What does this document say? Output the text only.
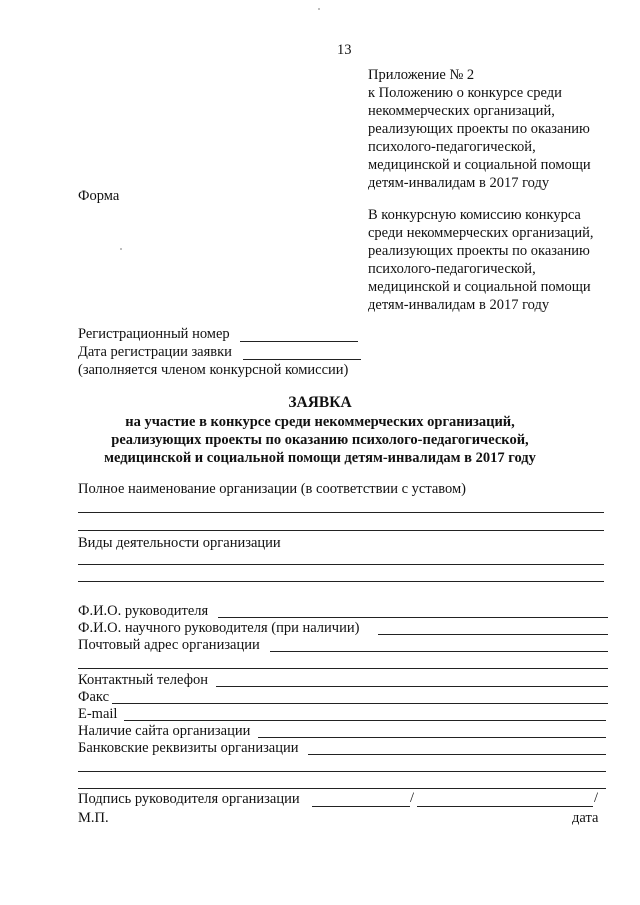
13
Приложение № 2
к Положению о конкурсе среди
некоммерческих организаций,
реализующих проекты по оказанию
психолого-педагогической,
медицинской и социальной помощи
детям-инвалидам в 2017 году
Форма
В конкурсную комиссию конкурса
среди некоммерческих организаций,
реализующих проекты по оказанию
психолого-педагогической,
медицинской и социальной помощи
детям-инвалидам в 2017 году
Регистрационный номер
Дата регистрации заявки
(заполняется членом конкурсной комиссии)
ЗАЯВКА
на участие в конкурсе среди некоммерческих организаций,
реализующих проекты по оказанию психолого-педагогической,
медицинской и социальной помощи детям-инвалидам в 2017 году
Полное наименование организации (в соответствии с уставом)
Виды деятельности организации
Ф.И.О. руководителя
Ф.И.О. научного руководителя (при наличии)
Почтовый адрес организации
Контактный телефон
Факс
E-mail
Наличие сайта организации
Банковские реквизиты организации
Подпись руководителя организации	/	/
М.П.	дата
